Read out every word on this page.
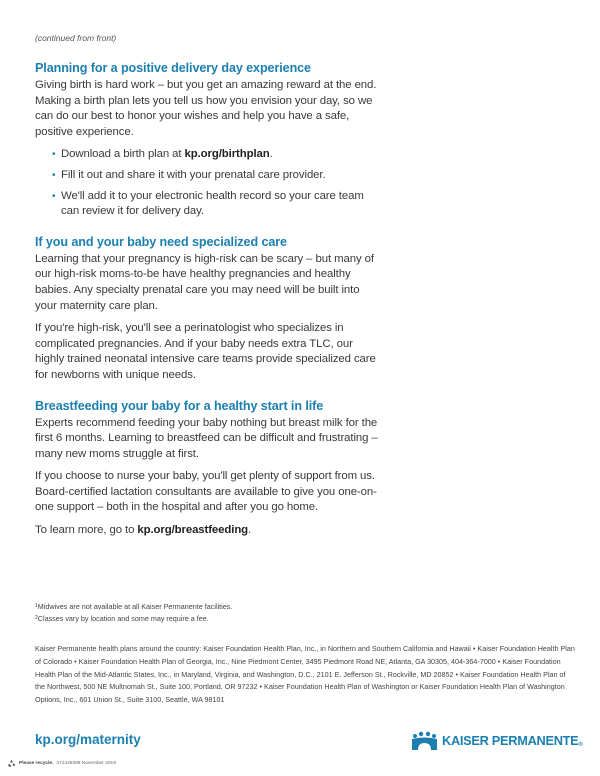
(continued from front)
Planning for a positive delivery day experience

Giving birth is hard work – but you get an amazing reward at the end. Making a birth plan lets you tell us how you envision your day, so we can do our best to honor your wishes and help you have a safe, positive experience.

• Download a birth plan at kp.org/birthplan.
• Fill it out and share it with your prenatal care provider.
• We'll add it to your electronic health record so your care team can review it for delivery day.
If you and your baby need specialized care

Learning that your pregnancy is high-risk can be scary – but many of our high-risk moms-to-be have healthy pregnancies and healthy babies. Any specialty prenatal care you may need will be built into your maternity care plan.

If you're high-risk, you'll see a perinatologist who specializes in complicated pregnancies. And if your baby needs extra TLC, our highly trained neonatal intensive care teams provide specialized care for newborns with unique needs.

Breastfeeding your baby for a healthy start in life

Experts recommend feeding your baby nothing but breast milk for the first 6 months. Learning to breastfeed can be difficult and frustrating – many new moms struggle at first.

If you choose to nurse your baby, you'll get plenty of support from us. Board-certified lactation consultants are available to give you one-on-one support – both in the hospital and after you go home.

To learn more, go to kp.org/breastfeeding.

$^1$Midwives are not available at all Kaiser Permanente facilities.
$^2$Classes vary by location and some may require a fee.
Kaiser Permanente health plans around the country: Kaiser Foundation Health Plan, Inc., in Northern and Southern California and Hawaii • Kaiser Foundation Health Plan of Colorado • Kaiser Foundation Health Plan of Georgia, Inc., Nine Piedmont Center, 3495 Piedmont Road NE, Atlanta, GA 30305, 404-364-7000 • Kaiser Foundation Health Plan of the Mid-Atlantic States, Inc., in Maryland, Virginia, and Washington, D.C., 2101 E. Jefferson St., Rockville, MD 20852 • Kaiser Foundation Health Plan of the Northwest, 500 NE Multnomah St., Suite 100, Portland, OR 97232 • Kaiser Foundation Health Plan of Washington or Kaiser Foundation Health Plan of Washington Options, Inc., 601 Union St., Suite 3100, Seattle, WA 98101
kp.org/maternity
Please recycle. 371426398 November 2019
KAISER PERMANENTE®
